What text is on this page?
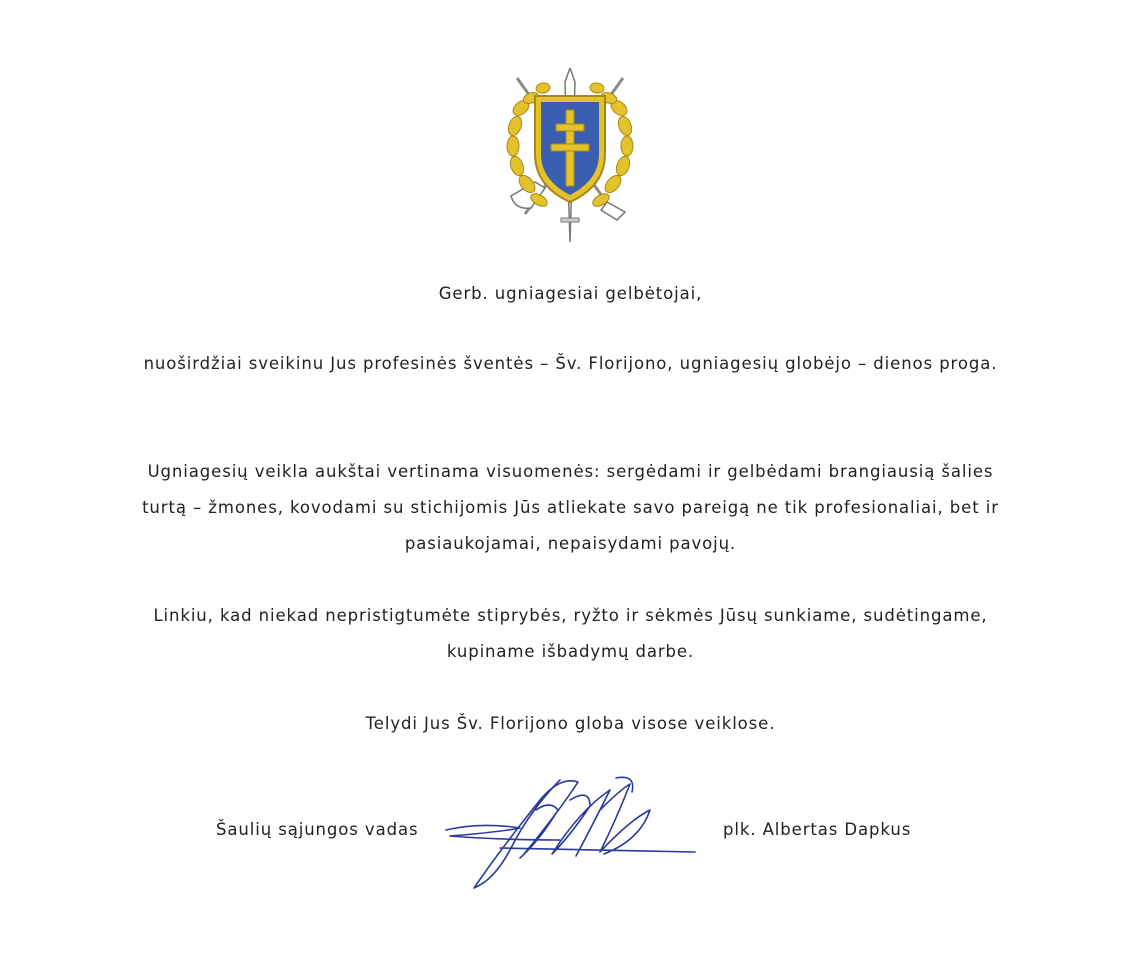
Gerb. ugniagesiai gelbėtojai,

nuoširdžiai sveikinu Jus profesinės šventės – Šv. Florijono, ugniagesių globėjo – dienos proga.

Ugniagesių veikla aukštai vertinama visuomenės: sergėdami ir gelbėdami brangiausią šalies turtą – žmones, kovodami su stichijomis Jūs atliekate savo pareigą ne tik profesionaliai, bet ir pasiaukojamai, nepaisydami pavojų.

Linkiu, kad niekad nepristigtumėte stiprybės, ryžto ir sėkmės Jūsų sunkiame, sudėtingame, kupiname išbadymų darbe.

Telydi Jus Šv. Florijono globa visose veiklose.

Šaulių sąjungos vadas	plk. Albertas Dapkus
